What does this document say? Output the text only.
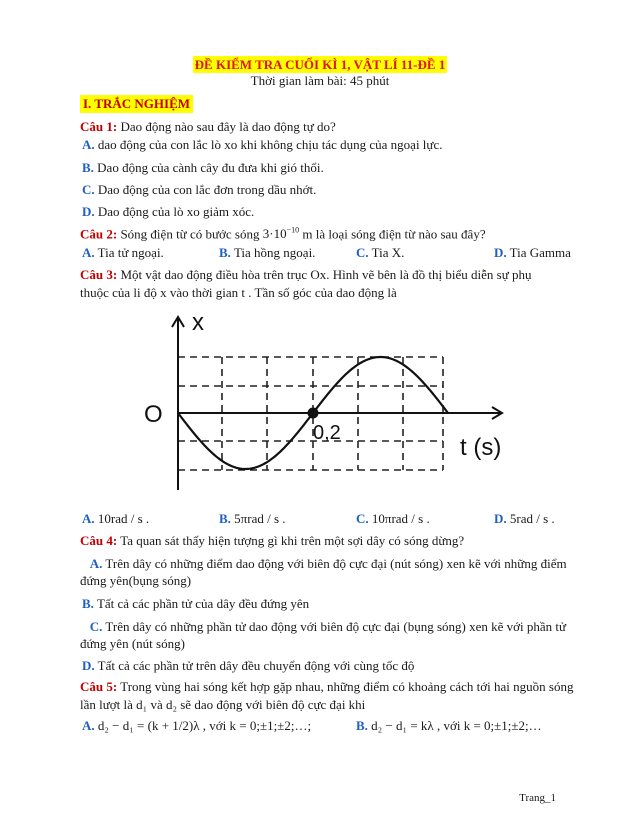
ĐỀ KIỂM TRA CUỐI KÌ 1, VẬT LÍ 11-ĐỀ 1
Thời gian làm bài: 45 phút
I. TRẮC NGHIỆM
Câu 1: Dao động nào sau đây là dao động tự do?
A. dao động của con lắc lò xo khi không chịu tác dụng của ngoại lực.
B. Dao động của cành cây đu đưa khi gió thổi.
C. Dao động của con lắc đơn trong dầu nhớt.
D. Dao động của lò xo giảm xóc.
Câu 2: Sóng điện từ có bước sóng $3\cdot 10^{-10}$ m là loại sóng điện từ nào sau đây?
A. Tia tử ngoại.	B. Tia hồng ngoại.	C. Tia X.	D. Tia Gamma
Câu 3: Một vật dao động điều hòa trên trục Ox. Hình vẽ bên là đồ thị biểu diễn sự phụ
thuộc của li độ x vào thời gian t . Tần số góc của dao động là
x
O
0,2
t (s)
A. 10rad / s .	B. 5πrad / s .	C. 10πrad / s .	D. 5rad / s .
Câu 4: Ta quan sát thấy hiện tượng gì khi trên một sợi dây có sóng dừng?
A. Trên dây có những điểm dao động với biên độ cực đại (nút sóng) xen kẽ với những điểm
đứng yên(bụng sóng)
B. Tất cả các phần tử của dây đều đứng yên
C. Trên dây có những phần tử dao động với biên độ cực đại (bụng sóng) xen kẽ với phần tử
đứng yên (nút sóng)
D. Tất cả các phần tử trên dây đều chuyển động với cùng tốc độ
Câu 5: Trong vùng hai sóng kết hợp gặp nhau, những điểm có khoảng cách tới hai nguồn sóng
lần lượt là d₁ và d₂ sẽ dao động với biên độ cực đại khi
A. d₂ − d₁ = (k + 1/2)λ , với k = 0;±1;±2;…;	B. d₂ − d₁ = kλ , với k = 0;±1;±2;…
Trang_1
